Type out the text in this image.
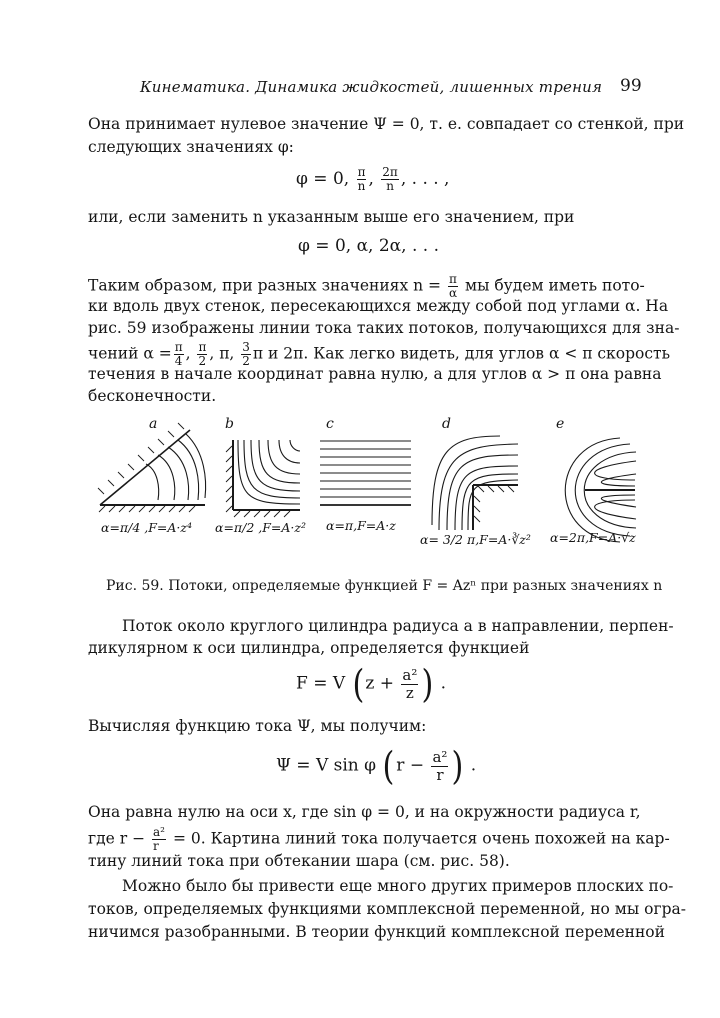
Кинематика. Динамика жидкостей, лишенных трения 99
Она принимает нулевое значение Ψ = 0, т. е. совпадает со стенкой, при
следующих значениях φ:
φ = 0, $\frac{\pi}{n}$ , $\frac{2\pi}{n}$ , . . . ,
или, если заменить n указанным выше его значением, при
φ = 0, α, 2α, . . .
Таким образом, при разных значениях $n = \frac{\pi}{\alpha}$ мы будем иметь пото-
ки вдоль двух стенок, пересекающихся между собой под углами α. На
рис. 59 изображены линии тока таких потоков, получающихся для зна-
чений $\alpha = \frac{\pi}{4}$ , $\frac{\pi}{2}$ , π, $\frac{3}{2}$ π и 2π. Как легко видеть, для углов α < π скорость
течения в начале координат равна нулю, а для углов α > π она равна
бесконечности.
a	b	c	d	e
α=π/4 ,F=A·z⁴ α=π/2 ,F=A·z² α=π,F=A·z
α= 3/2 π,F=A·∛z² α=2π,F=A·√z
Рис. 59. Потоки, определяемые функцией F = Azⁿ при разных значениях n
Поток около круглого цилиндра радиуса a в направлении, перпен-
дикулярном к оси цилиндра, определяется функцией
F = V ($z + \frac{\text{a²}}{z}$ ) .
Вычисляя функцию тока Ψ, мы получим:
Ψ = V sin φ ($r - \frac{\text{a²}}{r}$ ) .
Она равна нулю на оси x, где sin φ = 0, и на окружности радиуса r,
где $r - \frac{\text{a²}}{r} = 0$. Картина линий тока получается очень похожей на кар-
тину линий тока при обтекании шара (см. рис. 58).
Можно было бы привести еще много других примеров плоских по-
токов, определяемых функциями комплексной переменной, но мы огра-
ничимся разобранными. В теории функций комплексной переменной
